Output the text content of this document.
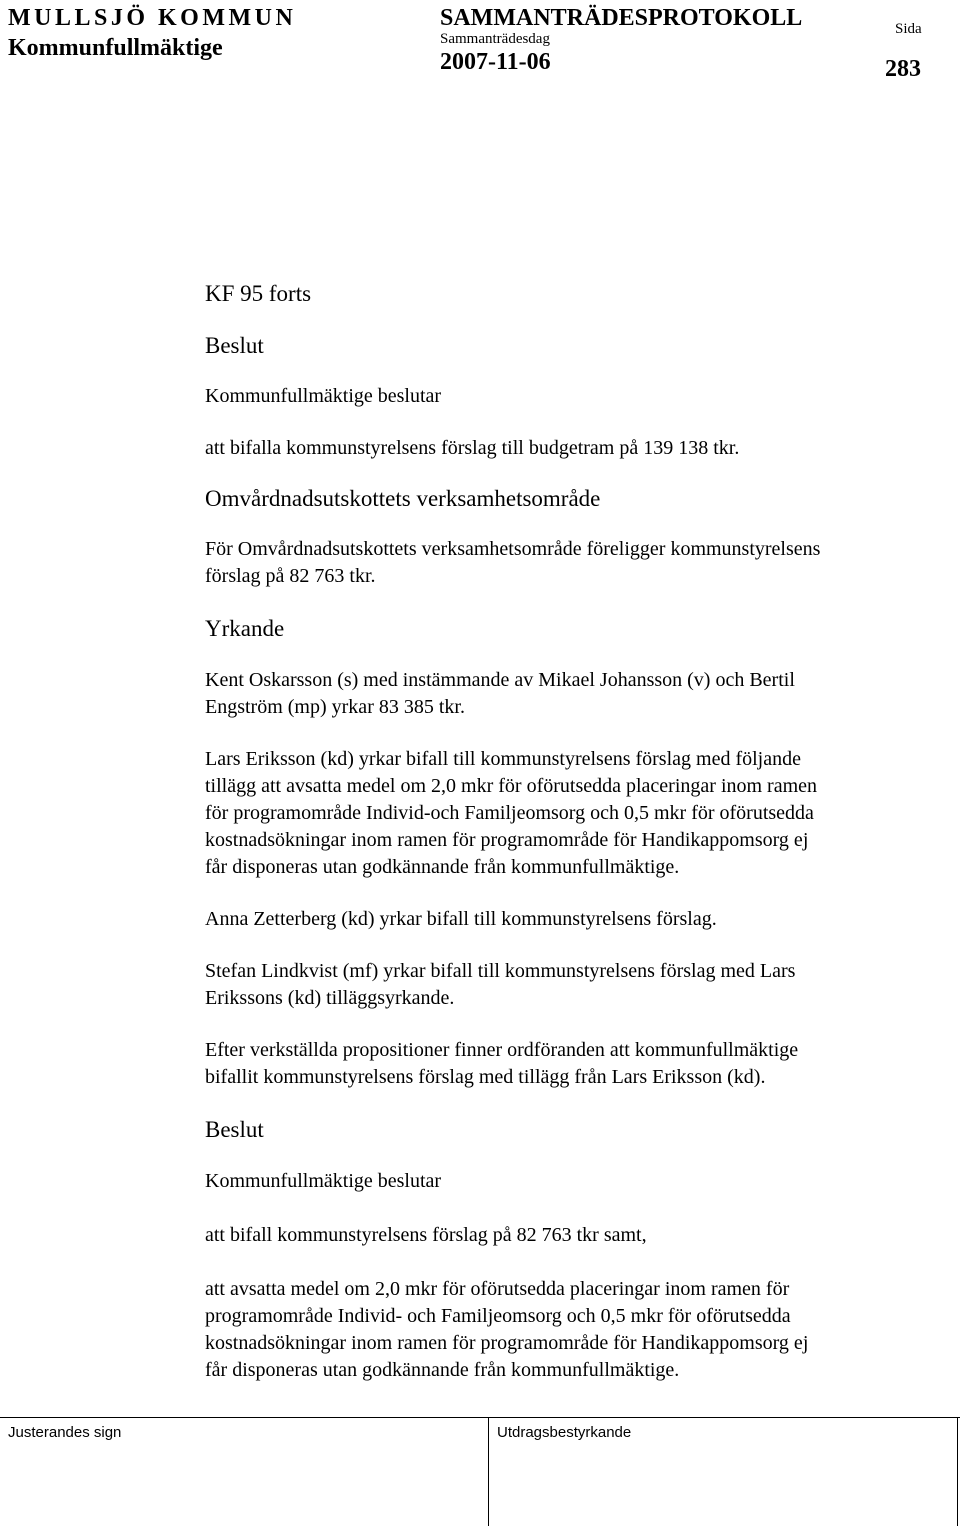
MULLSJÖ KOMMUN
Kommunfullmäktige
SAMMANTRÄDESPROTOKOLL
Sammanträdesdag
2007-11-06
Sida
283
KF 95 forts
Beslut
Kommunfullmäktige beslutar
att bifalla kommunstyrelsens förslag till budgetram på 139 138 tkr.
Omvårdnadsutskottets verksamhetsområde
För Omvårdnadsutskottets verksamhetsområde föreligger kommunstyrelsens
förslag på 82 763 tkr.
Yrkande
Kent Oskarsson (s) med instämmande av Mikael Johansson (v) och Bertil
Engström (mp) yrkar 83 385 tkr.
Lars Eriksson (kd) yrkar bifall till kommunstyrelsens förslag med följande
tillägg att avsatta medel om 2,0 mkr för oförutsedda placeringar inom ramen
för programområde Individ-och Familjeomsorg och 0,5 mkr för oförutsedda
kostnadsökningar inom ramen för programområde för Handikappomsorg ej
får disponeras utan godkännande från kommunfullmäktige.
Anna Zetterberg (kd) yrkar bifall till kommunstyrelsens förslag.
Stefan Lindkvist (mf) yrkar bifall till kommunstyrelsens förslag med Lars
Erikssons (kd) tilläggsyrkande.
Efter verkställda propositioner finner ordföranden att kommunfullmäktige
bifallit kommunstyrelsens förslag med tillägg från Lars Eriksson (kd).
Beslut
Kommunfullmäktige beslutar
att bifall kommunstyrelsens förslag på 82 763 tkr samt,
att avsatta medel om 2,0 mkr för oförutsedda placeringar inom ramen för
programområde Individ- och Familjeomsorg och 0,5 mkr för oförutsedda
kostnadsökningar inom ramen för programområde för Handikappomsorg ej
får disponeras utan godkännande från kommunfullmäktige.
Justerandes sign	Utdragsbestyrkande
